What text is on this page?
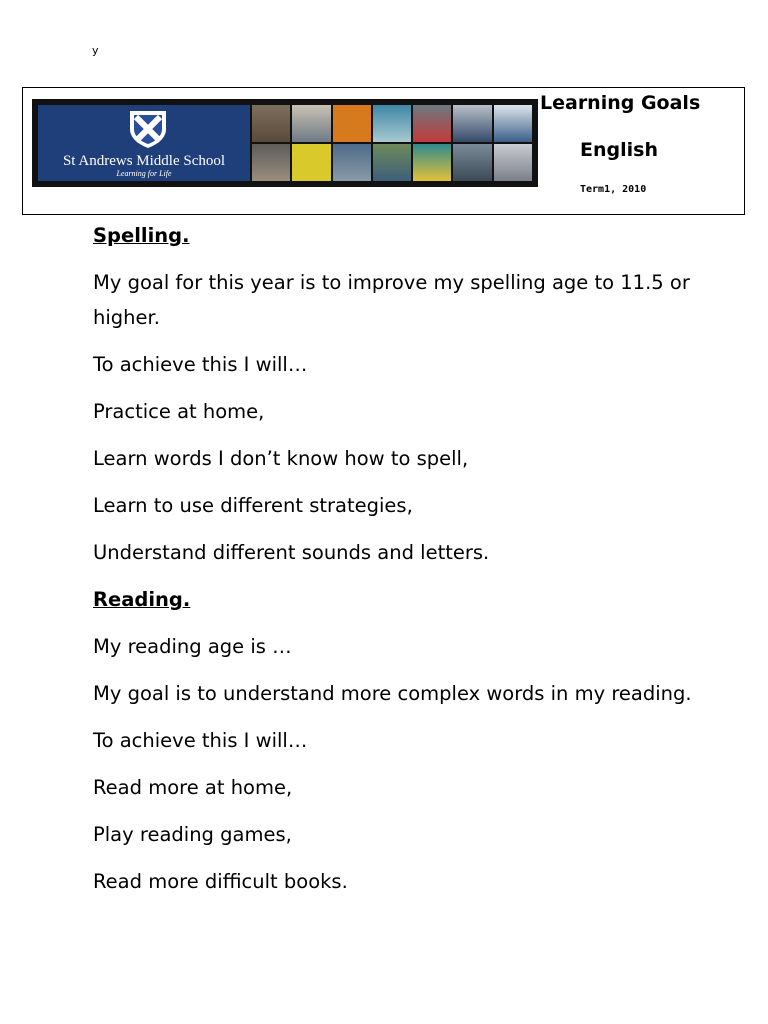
y
St Andrews Middle School
Learning for Life
Learning Goals
English
Term1, 2010
Spelling.
My goal for this year is to improve my spelling age to 11.5 or higher.
To achieve this I will…
Practice at home,
Learn words I don’t know how to spell,
Learn to use different strategies,
Understand different sounds and letters.
Reading.
My reading age is …
My goal is to understand more complex words in my reading.
To achieve this I will…
Read more at home,
Play reading games,
Read more difficult books.
